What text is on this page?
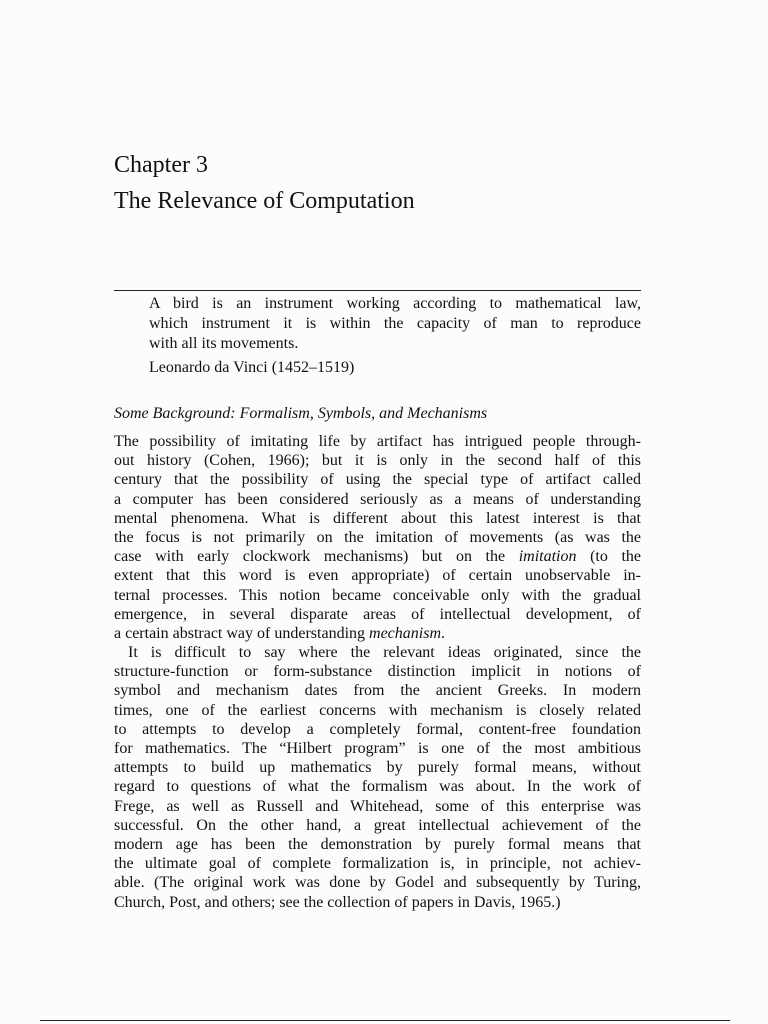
Chapter 3
The Relevance of Computation
A bird is an instrument working according to mathematical law,
which instrument it is within the capacity of man to reproduce
with all its movements.
Leonardo da Vinci (1452–1519)
Some Background: Formalism, Symbols, and Mechanisms
The possibility of imitating life by artifact has intrigued people through-
out history (Cohen, 1966); but it is only in the second half of this
century that the possibility of using the special type of artifact called
a computer has been considered seriously as a means of understanding
mental phenomena. What is different about this latest interest is that
the focus is not primarily on the imitation of movements (as was the
case with early clockwork mechanisms) but on the imitation (to the
extent that this word is even appropriate) of certain unobservable in-
ternal processes. This notion became conceivable only with the gradual
emergence, in several disparate areas of intellectual development, of
a certain abstract way of understanding mechanism.
It is difficult to say where the relevant ideas originated, since the
structure-function or form-substance distinction implicit in notions of
symbol and mechanism dates from the ancient Greeks. In modern
times, one of the earliest concerns with mechanism is closely related
to attempts to develop a completely formal, content-free foundation
for mathematics. The “Hilbert program” is one of the most ambitious
attempts to build up mathematics by purely formal means, without
regard to questions of what the formalism was about. In the work of
Frege, as well as Russell and Whitehead, some of this enterprise was
successful. On the other hand, a great intellectual achievement of the
modern age has been the demonstration by purely formal means that
the ultimate goal of complete formalization is, in principle, not achiev-
able. (The original work was done by Godel and subsequently by Turing,
Church, Post, and others; see the collection of papers in Davis, 1965.)
